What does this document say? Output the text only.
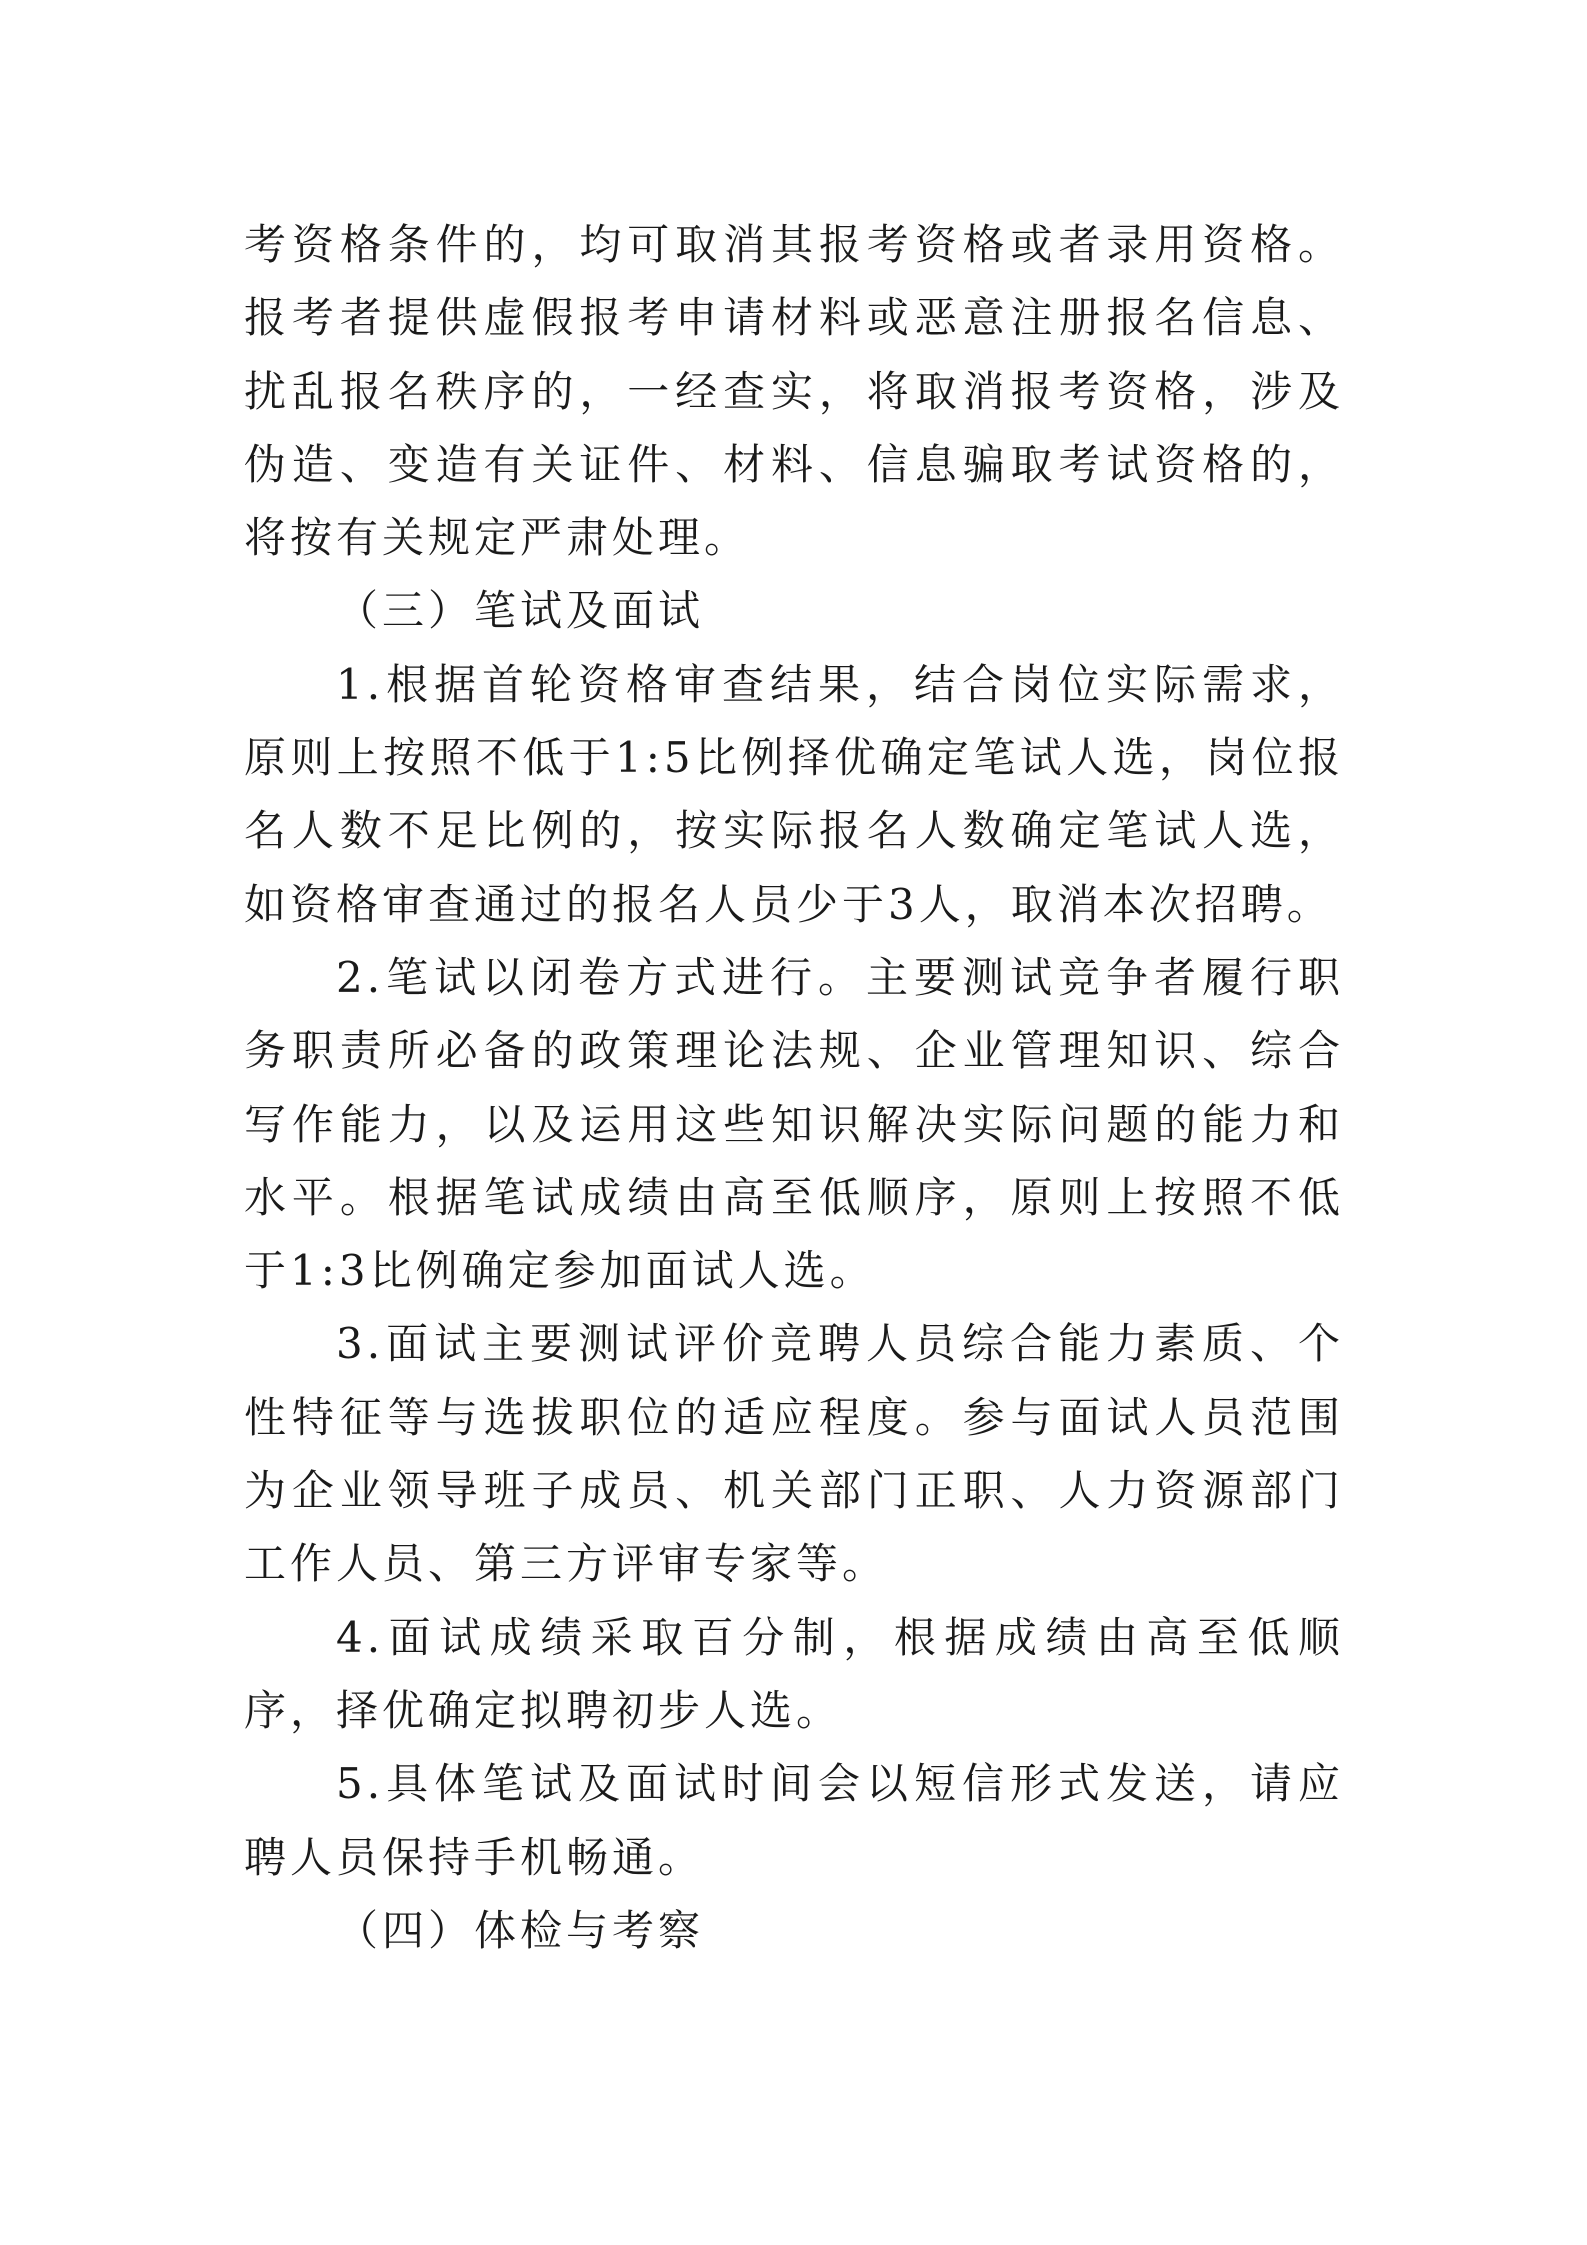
考资格条件的，均可取消其报考资格或者录用资格。报考者提供虚假报考申请材料或恶意注册报名信息、扰乱报名秩序的，一经查实，将取消报考资格，涉及伪造、变造有关证件、材料、信息骗取考试资格的，将按有关规定严肃处理。

（三）笔试及面试

1.根据首轮资格审查结果，结合岗位实际需求，原则上按照不低于1:5比例择优确定笔试人选，岗位报名人数不足比例的，按实际报名人数确定笔试人选，如资格审查通过的报名人员少于3人，取消本次招聘。

2.笔试以闭卷方式进行。主要测试竞争者履行职务职责所必备的政策理论法规、企业管理知识、综合写作能力，以及运用这些知识解决实际问题的能力和水平。根据笔试成绩由高至低顺序，原则上按照不低于1:3比例确定参加面试人选。

3.面试主要测试评价竞聘人员综合能力素质、个性特征等与选拔职位的适应程度。参与面试人员范围为企业领导班子成员、机关部门正职、人力资源部门工作人员、第三方评审专家等。

4.面试成绩采取百分制，根据成绩由高至低顺序，择优确定拟聘初步人选。

5.具体笔试及面试时间会以短信形式发送，请应聘人员保持手机畅通。

（四）体检与考察
